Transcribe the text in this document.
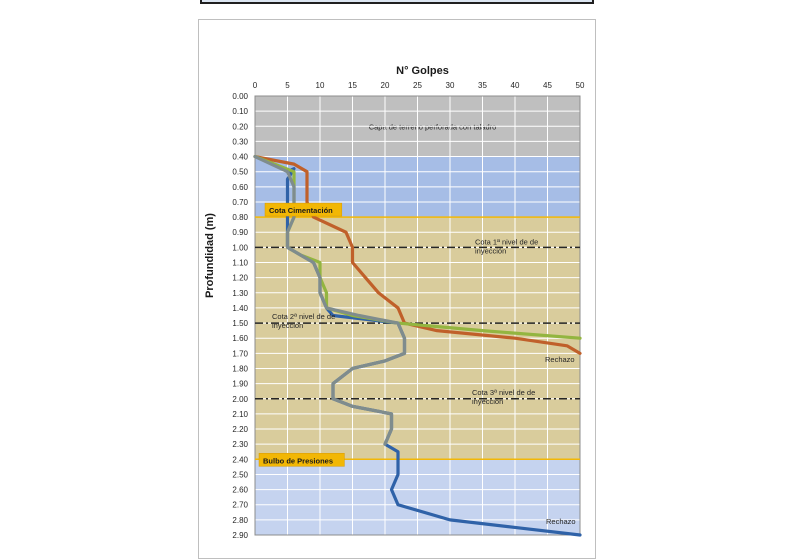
Capa de terreno perforada con taladro
0	5	10	15	20	25	30	35	40	45	50
0.00
0.10
0.20
0.30
0.40
0.50
0.60
0.70
0.80
0.90
1.00
1.10
1.20
1.30
1.40
1.50
1.60
1.70
1.80
1.90
2.00
2.10
2.20
2.30
2.40
2.50
2.60
2.70
2.80
2.90
Cota Cimentación
Cota 1ª nivel de de
inyección
Cota 2ª nivel de de
inyección
Cota 3ª nivel de de
inyección
Bulbo de Presiones
Rechazo
Rechazo
N° Golpes
Profundidad (m)
